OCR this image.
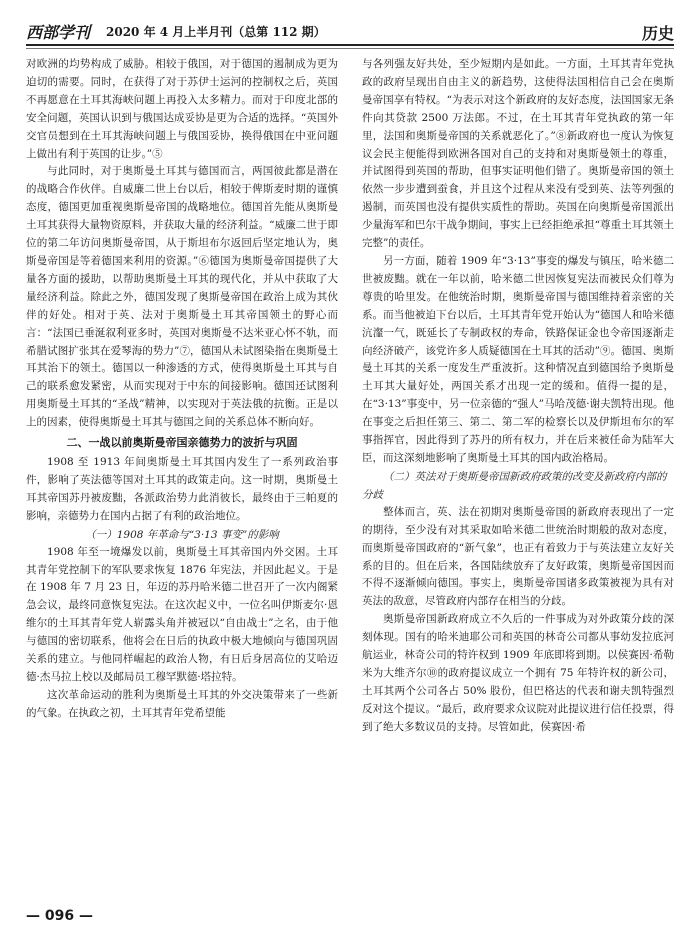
西部学刊 2020 年 4 月上半月刊（总第 112 期）	历史

对欧洲的均势构成了威胁。相较于俄国，对于德国的遏制成为更为迫切的需要。同时，在获得了对于苏伊士运河的控制权之后，英国不再愿意在土耳其海峡问题上再投入太多精力。而对于印度北部的安全问题，英国认识到与俄国达成妥协是更为合适的选择。“英国外交官员想到在土耳其海峡问题上与俄国妥协，换得俄国在中亚问题上做出有利于英国的让步。”⑤

与此同时，对于奥斯曼土耳其与德国而言，两国彼此都是潜在的战略合作伙伴。自威廉二世上台以后，相较于俾斯麦时期的谨慎态度，德国更加重视奥斯曼帝国的战略地位。德国首先能从奥斯曼土耳其获得大量物资原料，并获取大量的经济利益。“威廉二世于即位的第二年访问奥斯曼帝国，从于斯坦布尔返回后坚定地认为，奥斯曼帝国是等着德国来利用的资源。”⑥德国为奥斯曼帝国提供了大量各方面的援助，以帮助奥斯曼土耳其的现代化，并从中获取了大量经济利益。除此之外，德国发现了奥斯曼帝国在政治上成为其伙伴的好处。相对于英、法对于奥斯曼土耳其帝国领土的野心而言：“法国已垂涎叙利亚多时，英国对奥斯曼不达米亚心怀不轨，而希腊试图扩张其在爱琴海的势力”⑦，德国从未试图染指在奥斯曼土耳其治下的领土。德国以一种渗透的方式，使得奥斯曼土耳其与自己的联系愈发紧密，从而实现对于中东的间接影响。德国还试图利用奥斯曼土耳其的“圣战”精神，以实现对于英法俄的抗衡。正是以上的因素，使得奥斯曼土耳其与德国之间的关系总体不断向好。

二、一战以前奥斯曼帝国亲德势力的波折与巩固

1908 至 1913 年间奥斯曼土耳其国内发生了一系列政治事件，影响了英法德等国对土耳其的政策走向。这一时期，奥斯曼土耳其帝国苏丹被废黜，各派政治势力此消彼长，最终由于三帕夏的影响，亲德势力在国内占据了有利的政治地位。

（一）1908 年革命与“3·13 事变”的影响

1908 年至一境爆发以前，奥斯曼土耳其帝国内外交困。土耳其青年党控制下的军队要求恢复 1876 年宪法，并因此起义。于是在 1908 年 7 月 23 日，年迈的苏丹哈米德二世召开了一次内阁紧急会议，最终同意恢复宪法。在这次起义中，一位名叫伊斯麦尔·恩维尔的土耳其青年党人崭露头角并被冠以“自由战士”之名，由于他与德国的密切联系，他将会在日后的执政中极大地倾向与德国巩固关系的建立。与他同样崛起的政治人物，有日后身居高位的艾哈迈德·杰马拉上校以及邮局员工穆罕默德·塔拉特。

这次革命运动的胜利为奥斯曼土耳其的外交决策带来了一些新的气象。在执政之初，土耳其青年党希望能

与各列强友好共处，至少短期内是如此。一方面，土耳其青年党执政的政府呈现出自由主义的新趋势，这使得法国相信自己会在奥斯曼帝国享有特权。“为表示对这个新政府的友好态度，法国国家无条件向其贷款 2500 万法郎。不过，在土耳其青年党执政的第一年里，法国和奥斯曼帝国的关系就恶化了。”⑧新政府也一度认为恢复议会民主便能得到欧洲各国对自己的支持和对奥斯曼领土的尊重，并试图得到英国的帮助，但事实证明他们错了。奥斯曼帝国的领土依然一步步遭到蚕食，并且这个过程从来没有受到英、法等列强的遏制，而英国也没有提供实质性的帮助。英国在向奥斯曼帝国派出少量海军和巴尔干战争期间，事实上已经拒绝承担“尊重土耳其领土完整”的责任。

另一方面，随着 1909 年“3·13”事变的爆发与镇压，哈米德二世被废黜。就在一年以前，哈米德二世因恢复宪法而被民众们尊为尊贵的哈里发。在他统治时期，奥斯曼帝国与德国维持着亲密的关系。而当他被迫下台以后，土耳其青年党开始认为“德国人和哈米德沆瀣一气，既延长了专制政权的寿命，铁路保证金也令帝国逐渐走向经济破产，该党许多人质疑德国在土耳其的活动”⑨。德国、奥斯曼土耳其的关系一度发生严重波折。这种情况直到德国给予奥斯曼土耳其大量好处，两国关系才出现一定的缓和。值得一提的是，在“3·13”事变中，另一位亲德的“强人”马哈茂德·谢夫凯特出现。他在事变之后担任第三、第二、第二军的检察长以及伊斯坦布尔的军事指挥官，因此得到了苏丹的所有权力，并在后来被任命为陆军大臣，而这深刻地影响了奥斯曼土耳其的国内政治格局。

（二）英法对于奥斯曼帝国新政府政策的改变及新政府内部的分歧

整体而言，英、法在初期对奥斯曼帝国的新政府表现出了一定的期待，至少没有对其采取如哈米德二世统治时期般的敌对态度，而奥斯曼帝国政府的“新气象”，也正有着致力于与英法建立友好关系的目的。但在后来，各国陆续放弃了友好政策，奥斯曼帝国因而不得不逐渐倾向德国。事实上，奥斯曼帝国诸多政策被视为具有对英法的敌意，尽管政府内部存在相当的分歧。

奥斯曼帝国新政府成立不久后的一件事成为对外政策分歧的深刻体现。国有的哈米迪耶公司和英国的林奇公司都从事幼发拉底河航运业，林奇公司的特许权到 1909 年底即将到期。以侯赛因·希勒米为大维齐尔⑩的政府提议成立一个拥有 75 年特许权的新公司，土耳其两个公司各占 50% 股份，但巴格达的代表和谢夫凯特强烈反对这个提议。“最后，政府要求众议院对此提议进行信任投票，得到了绝大多数议员的支持。尽管如此，侯赛因·希

— 096 —
